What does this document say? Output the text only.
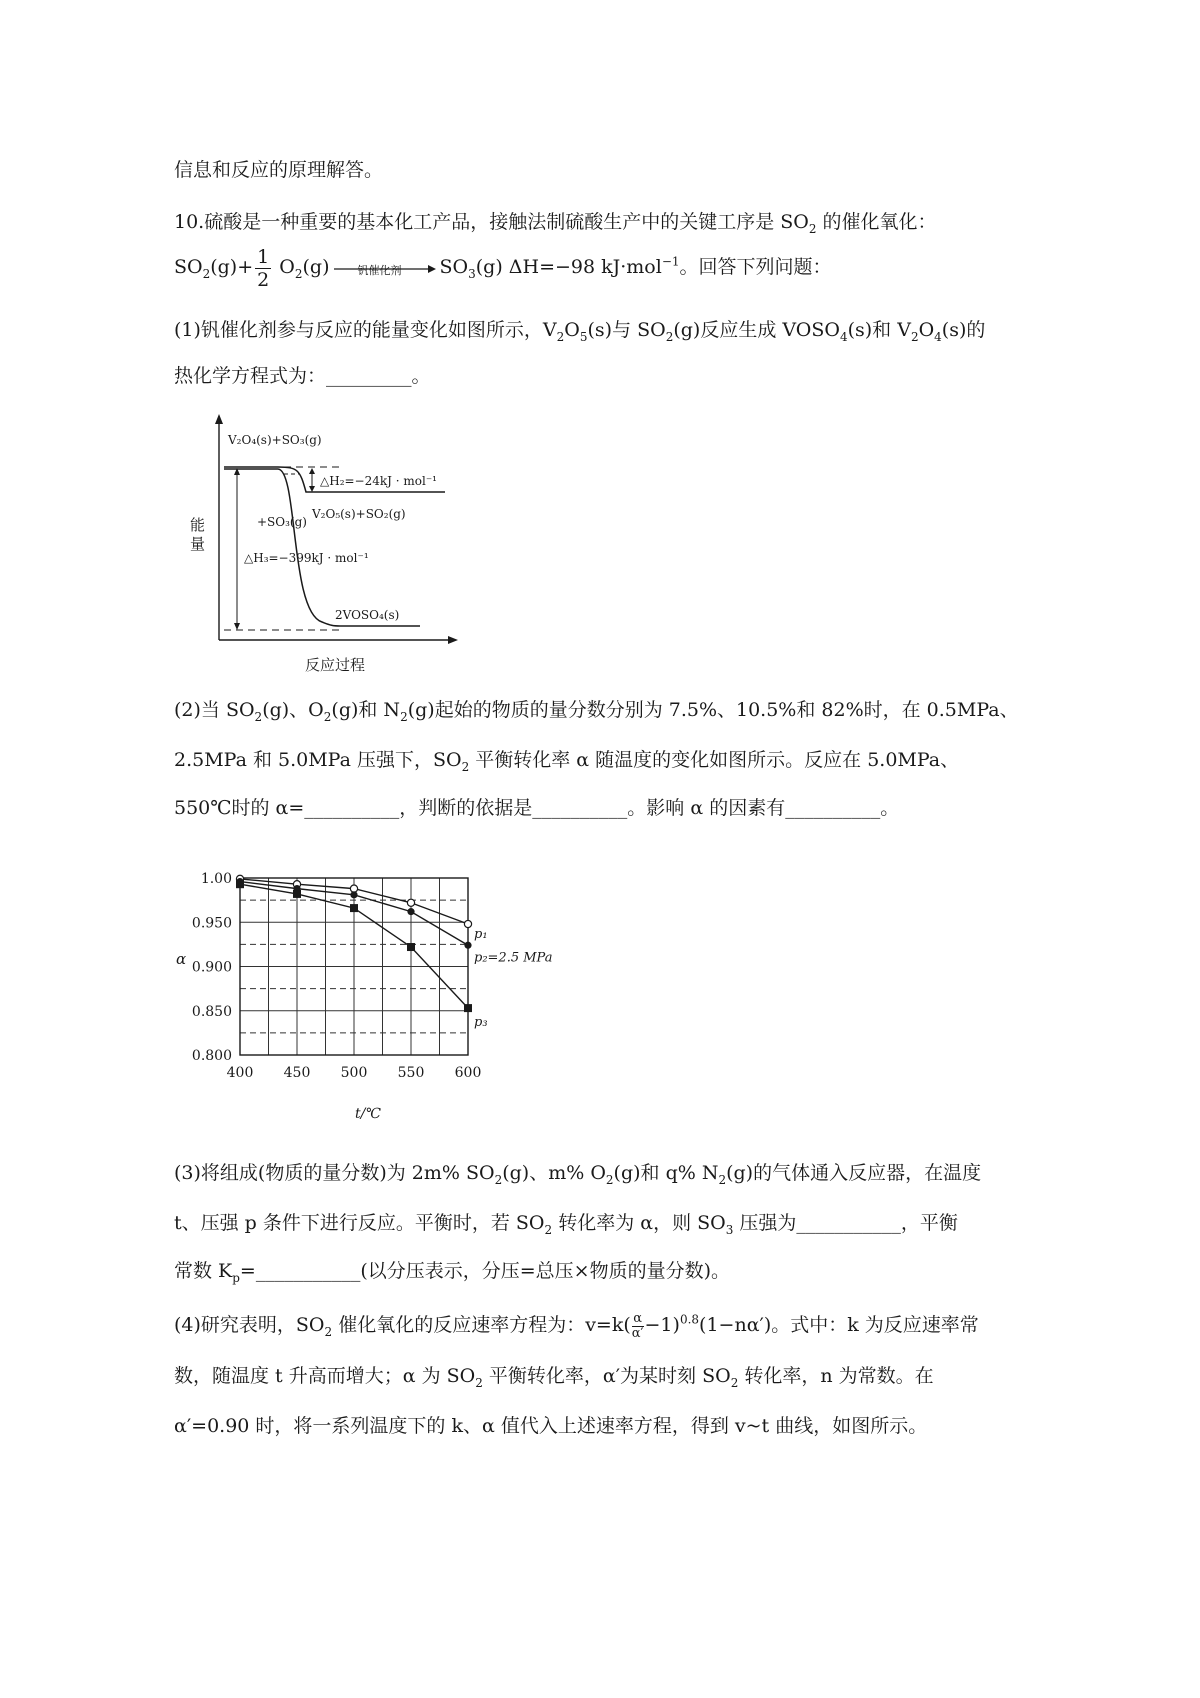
信息和反应的原理解答。
10.硫酸是一种重要的基本化工产品，接触法制硫酸生产中的关键工序是 $SO_2$ 的催化氧化：
$SO_2(g)+ \frac{1}{2} O_2(g)$	钒催化剂	$SO_3(g)$ ΔH=−98 kJ·mol$^{-1}$。回答下列问题：
(1)钒催化剂参与反应的能量变化如图所示，$V_2O_5(s)$与 $SO_2(g)$反应生成 $VOSO_4(s)$和 $V_2O_4(s)$的
热化学方程式为：_________。
V₂O₄(s)+SO₃(g)
△H₂=−24kJ · mol⁻¹
V₂O₅(s)+SO₂(g)
+SO₃(g)
△H₃=−399kJ · mol⁻¹
2VOSO₄(s)
能
量
反应过程
(2)当 $SO_2(g)$、$O_2(g)$和 $N_2(g)$起始的物质的量分数分别为 7.5%、10.5%和 82%时，在 0.5MPa、
2.5MPa 和 5.0MPa 压强下，$SO_2$ 平衡转化率 α 随温度的变化如图所示。反应在 5.0MPa、
550℃时的 α=__________，判断的依据是__________。影响 α 的因素有__________。
p₁
p₂=2.5 MPa
p₃
1.00
0.950
0.900
0.850
0.800
400 450 500 550 600
α
t/℃
(3)将组成(物质的量分数)为 2m% $SO_2(g)$、m% $O_2(g)$和 q% $N_2(g)$的气体通入反应器，在温度
t、压强 p 条件下进行反应。平衡时，若 $SO_2$ 转化率为 α，则 $SO_3$ 压强为___________，平衡
常数 $K_p=\_\_\_\_\_\_\_\_\_\_\_$(以分压表示，分压=总压×物质的量分数)。
(4)研究表明，$SO_2$ 催化氧化的反应速率方程为：$v=k( \frac{\alpha}{\alpha'} -1)^{0.8}(1-n\alpha')$。式中：k 为反应速率常
数，随温度 t 升高而增大；α 为 $SO_2$ 平衡转化率，α′为某时刻 $SO_2$ 转化率，n 为常数。在
α′=0.90 时，将一系列温度下的 k、α 值代入上述速率方程，得到 v~t 曲线，如图所示。
